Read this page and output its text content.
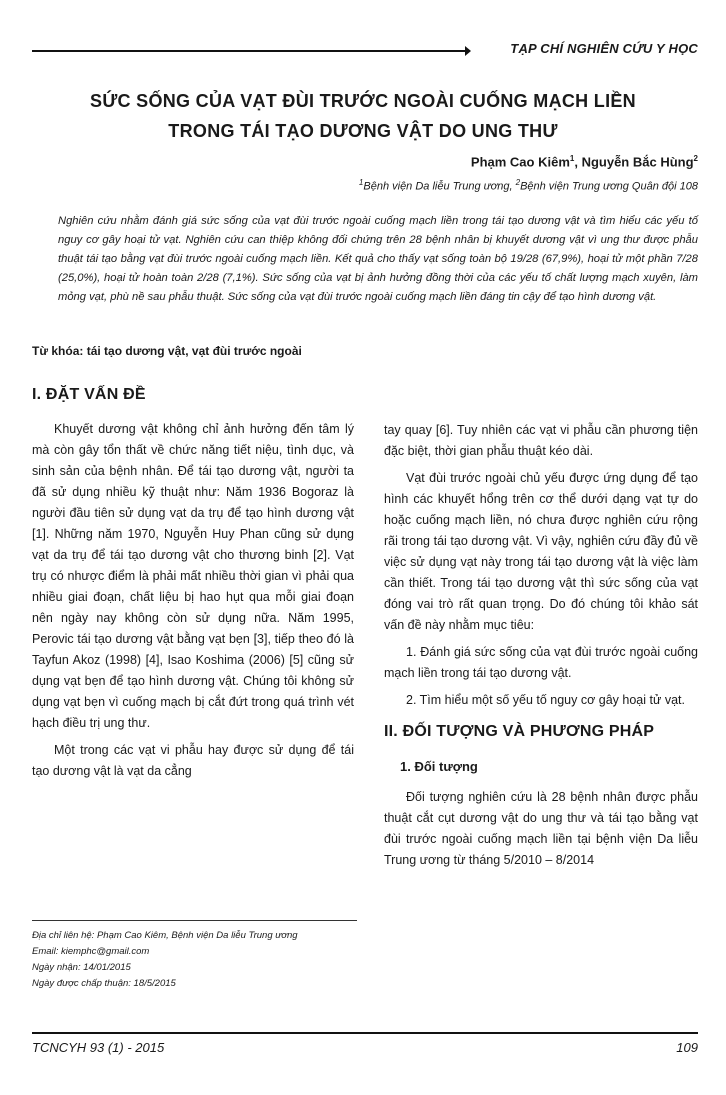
TẠP CHÍ NGHIÊN CỨU Y HỌC
SỨC SỐNG CỦA VẠT ĐÙI TRƯỚC NGOÀI CUỐNG MẠCH LIỀN
TRONG TÁI TẠO DƯƠNG VẬT DO UNG THƯ
Phạm Cao Kiêm$^1$, Nguyễn Bắc Hùng$^2$
$^1$Bệnh viện Da liễu Trung ương, $^2$Bệnh viện Trung ương Quân đội 108

Nghiên cứu nhằm đánh giá sức sống của vạt đùi trước ngoài cuống mạch liền trong tái tạo dương vật và tìm hiểu các yếu tố nguy cơ gây hoại tử vạt. Nghiên cứu can thiệp không đối chứng trên 28 bệnh nhân bị khuyết dương vật vì ung thư được phẫu thuật tái tạo bằng vạt đùi trước ngoài cuống mạch liền. Kết quả cho thấy vạt sống toàn bộ 19/28 (67,9%), hoại tử một phần 7/28 (25,0%), hoại tử hoàn toàn 2/28 (7,1%). Sức sống của vạt bị ảnh hưởng đồng thời của các yếu tố chất lượng mạch xuyên, làm mỏng vạt, phù nề sau phẫu thuật. Sức sống của vạt đùi trước ngoài cuống mạch liền đáng tin cậy để tạo hình dương vật.

Từ khóa: tái tạo dương vật, vạt đùi trước ngoài
I. ĐẶT VẤN ĐỀ

Khuyết dương vật không chỉ ảnh hưởng đến tâm lý mà còn gây tổn thất về chức năng tiết niệu, tình dục, và sinh sản của bệnh nhân. Để tái tạo dương vật, người ta đã sử dụng nhiều kỹ thuật như: Năm 1936 Bogoraz là người đầu tiên sử dụng vạt da trụ để tạo hình dương vật [1]. Những năm 1970, Nguyễn Huy Phan cũng sử dụng vạt da trụ để tái tạo dương vật cho thương binh [2]. Vạt trụ có nhược điểm là phải mất nhiều thời gian vì phải qua nhiều giai đoạn, chất liệu bị hao hụt qua mỗi giai đoạn nên ngày nay không còn sử dụng nữa. Năm 1995, Perovic tái tạo dương vật bằng vạt bẹn [3], tiếp theo đó là Tayfun Akoz (1998) [4], Isao Koshima (2006) [5] cũng sử dụng vạt bẹn để tạo hình dương vật. Chúng tôi không sử dụng vạt bẹn vì cuống mạch bị cắt đứt trong quá trình vét hạch điều trị ung thư.

Một trong các vạt vi phẫu hay được sử dụng để tái tạo dương vật là vạt da cẳng

tay quay [6]. Tuy nhiên các vạt vi phẫu cần phương tiện đặc biệt, thời gian phẫu thuật kéo dài.

Vạt đùi trước ngoài chủ yếu được ứng dụng để tạo hình các khuyết hổng trên cơ thể dưới dạng vạt tự do hoặc cuống mạch liền, nó chưa được nghiên cứu rộng rãi trong tái tạo dương vật. Vì vậy, nghiên cứu đầy đủ về việc sử dụng vạt này trong tái tạo dương vật là việc làm cần thiết. Trong tái tạo dương vật thì sức sống của vạt đóng vai trò rất quan trọng. Do đó chúng tôi khảo sát vấn đề này nhằm mục tiêu:

1. Đánh giá sức sống của vạt đùi trước ngoài cuống mạch liền trong tái tạo dương vật.

2. Tìm hiểu một số yếu tố nguy cơ gây hoại tử vạt.

II. ĐỐI TƯỢNG VÀ PHƯƠNG PHÁP
1. Đối tượng

Đối tượng nghiên cứu là 28 bệnh nhân được phẫu thuật cắt cụt dương vật do ung thư và tái tạo bằng vạt đùi trước ngoài cuống mạch liền tại bệnh viện Da liễu Trung ương từ tháng 5/2010 – 8/2014

Địa chỉ liên hệ: Phạm Cao Kiêm, Bệnh viện Da liễu Trung ương
Email: kiemphc@gmail.com
Ngày nhận: 14/01/2015
Ngày được chấp thuận: 18/5/2015
TCNCYH 93 (1) - 2015	109
